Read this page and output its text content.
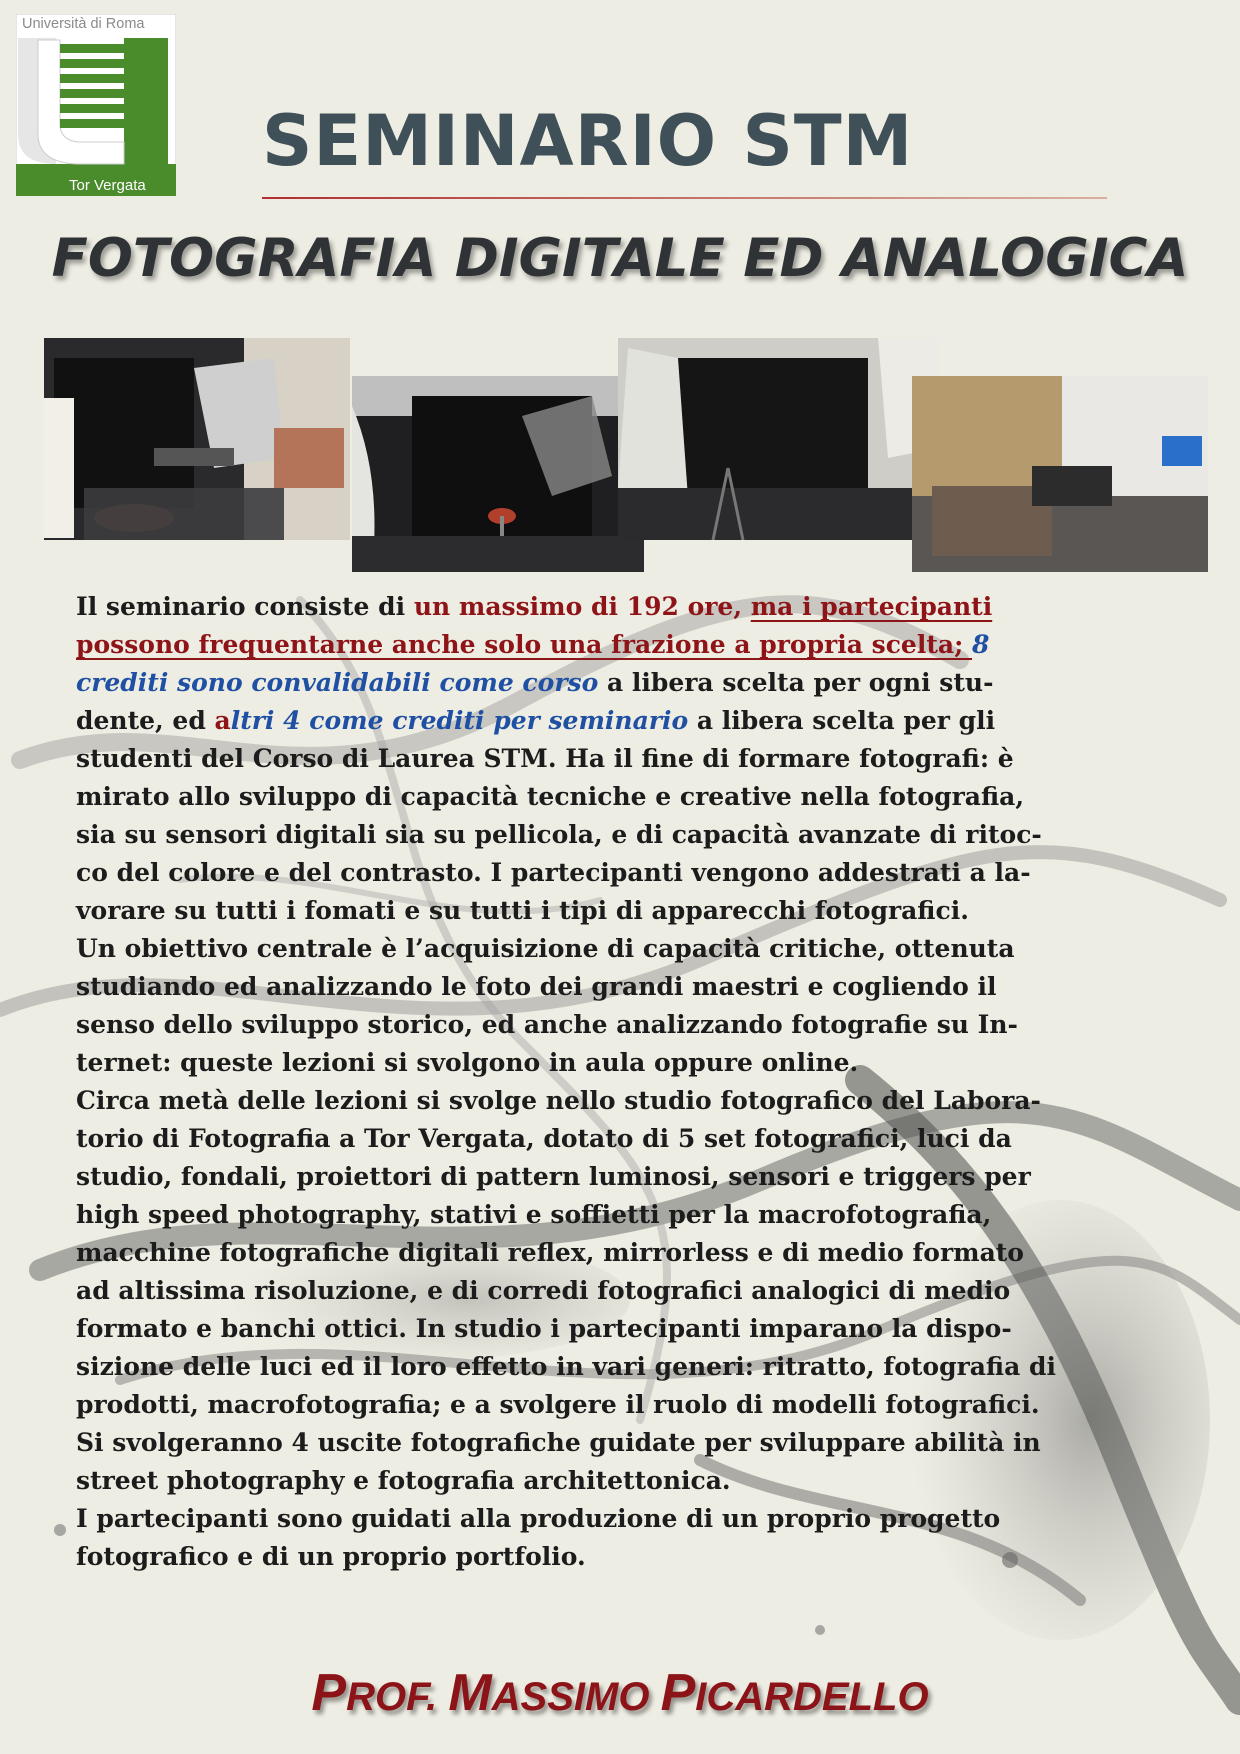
Università di Roma
Tor Vergata
SEMINARIO STM
FOTOGRAFIA DIGITALE ED ANALOGICA
Il seminario consiste di un massimo di 192 ore, ma i partecipanti
possono frequentarne anche solo una frazione a propria scelta; 8
crediti sono convalidabili come corso a libera scelta per ogni stu-
dente, ed altri 4 come crediti per seminario a libera scelta per gli
studenti del Corso di Laurea STM. Ha il fine di formare fotografi: è
mirato allo sviluppo di capacità tecniche e creative nella fotografia,
sia su sensori digitali sia su pellicola, e di capacità avanzate di ritoc-
co del colore e del contrasto. I partecipanti vengono addestrati a la-
vorare su tutti i fomati e su tutti i tipi di apparecchi fotografici.
Un obiettivo centrale è l’acquisizione di capacità critiche, ottenuta
studiando ed analizzando le foto dei grandi maestri e cogliendo il
senso dello sviluppo storico, ed anche analizzando fotografie su In-
ternet: queste lezioni si svolgono in aula oppure online.
Circa metà delle lezioni si svolge nello studio fotografico del Labora-
torio di Fotografia a Tor Vergata, dotato di 5 set fotografici, luci da
studio, fondali, proiettori di pattern luminosi, sensori e triggers per
high speed photography, stativi e soffietti per la macrofotografia,
macchine fotografiche digitali reflex, mirrorless e di medio formato
ad altissima risoluzione, e di corredi fotografici analogici di medio
formato e banchi ottici. In studio i partecipanti imparano la dispo-
sizione delle luci ed il loro effetto in vari generi: ritratto, fotografia di
prodotti, macrofotografia; e a svolgere il ruolo di modelli fotografici.
Si svolgeranno 4 uscite fotografiche guidate per sviluppare abilità in
street photography e fotografia architettonica.
I partecipanti sono guidati alla produzione di un proprio progetto
fotografico e di un proprio portfolio.
PROF. MASSIMO PICARDELLO
